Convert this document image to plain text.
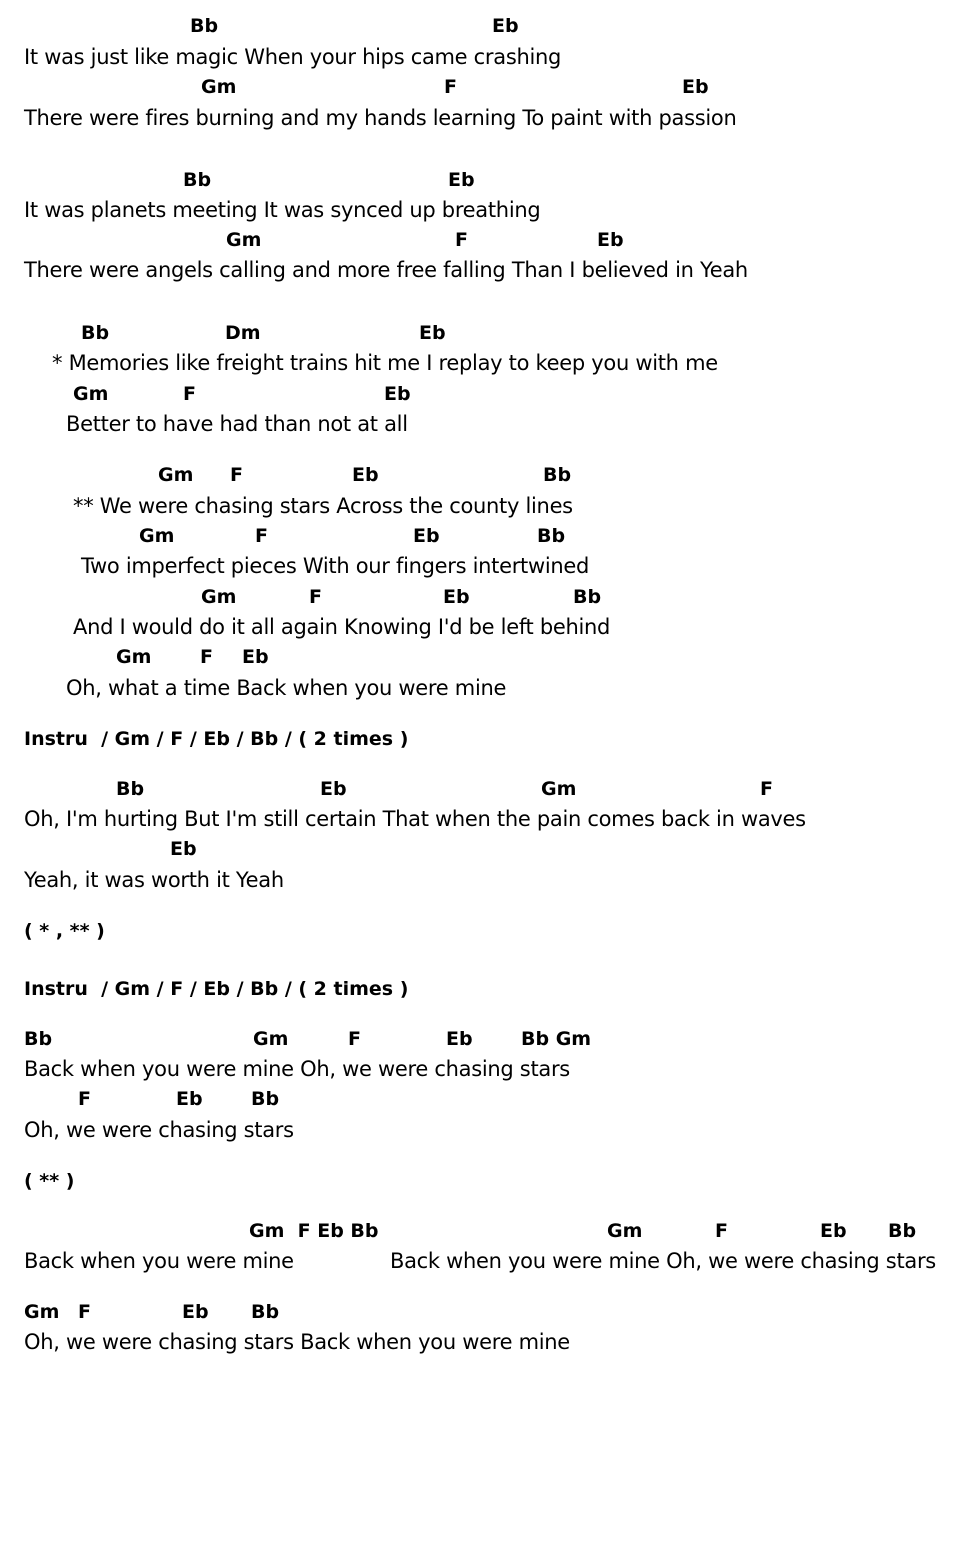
Bb	Eb
It was just like magic When your hips came crashing
Gm	F	Eb
There were fires burning and my hands learning To paint with passion
Bb	Eb
It was planets meeting It was synced up breathing
Gm	F	Eb
There were angels calling and more free falling Than I believed in Yeah
Bb	Dm	Eb
* Memories like freight trains hit me I replay to keep you with me
Gm	F	Eb
Better to have had than not at all
Gm F	Eb	Bb
** We were chasing stars Across the county lines
Gm	F	Eb	Bb
Two imperfect pieces With our fingers intertwined
Gm	F	Eb	Bb
And I would do it all again Knowing I'd be left behind
Gm	F Eb
Oh, what a time Back when you were mine
Instru  / Gm / F / Eb / Bb / ( 2 times )
Bb	Eb	Gm	F
Oh, I'm hurting But I'm still certain That when the pain comes back in waves
Eb
Yeah, it was worth it Yeah
( * , ** )
Instru  / Gm / F / Eb / Bb / ( 2 times )
Bb	Gm	F	Eb	Bb Gm
Back when you were mine Oh, we were chasing stars
F	Eb	Bb
Oh, we were chasing stars
( ** )
Gm  F Eb Bb	Gm	F	Eb Bb
Back when you were mine	Back when you were mine Oh, we were chasing stars
Gm F	Eb Bb
Oh, we were chasing stars Back when you were mine
